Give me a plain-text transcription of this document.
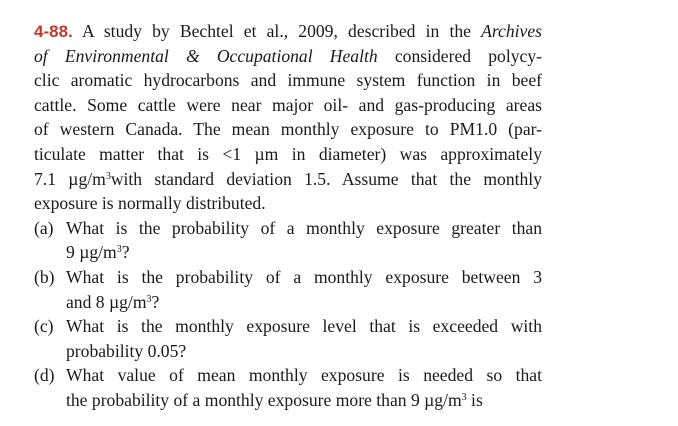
4-88. A study by Bechtel et al., 2009, described in the Archives
of Environmental & Occupational Health considered polycy-
clic aromatic hydrocarbons and immune system function in beef
cattle. Some cattle were near major oil- and gas-producing areas
of western Canada. The mean monthly exposure to PM1.0 (par-
ticulate matter that is <1 µm in diameter) was approximately
7.1 $\mu g/m^3with$ standard deviation 1.5. Assume that the monthly
exposure is normally distributed.
(a) What is the probability of a monthly exposure greater than
9 $\mu g/m^3$?
(b) What is the probability of a monthly exposure between 3
and 8 $\mu g/m^3$?
(c) What is the monthly exposure level that is exceeded with
probability 0.05?
(d) What value of mean monthly exposure is needed so that
the probability of a monthly exposure more than 9 $\mu g/m^3$ is
